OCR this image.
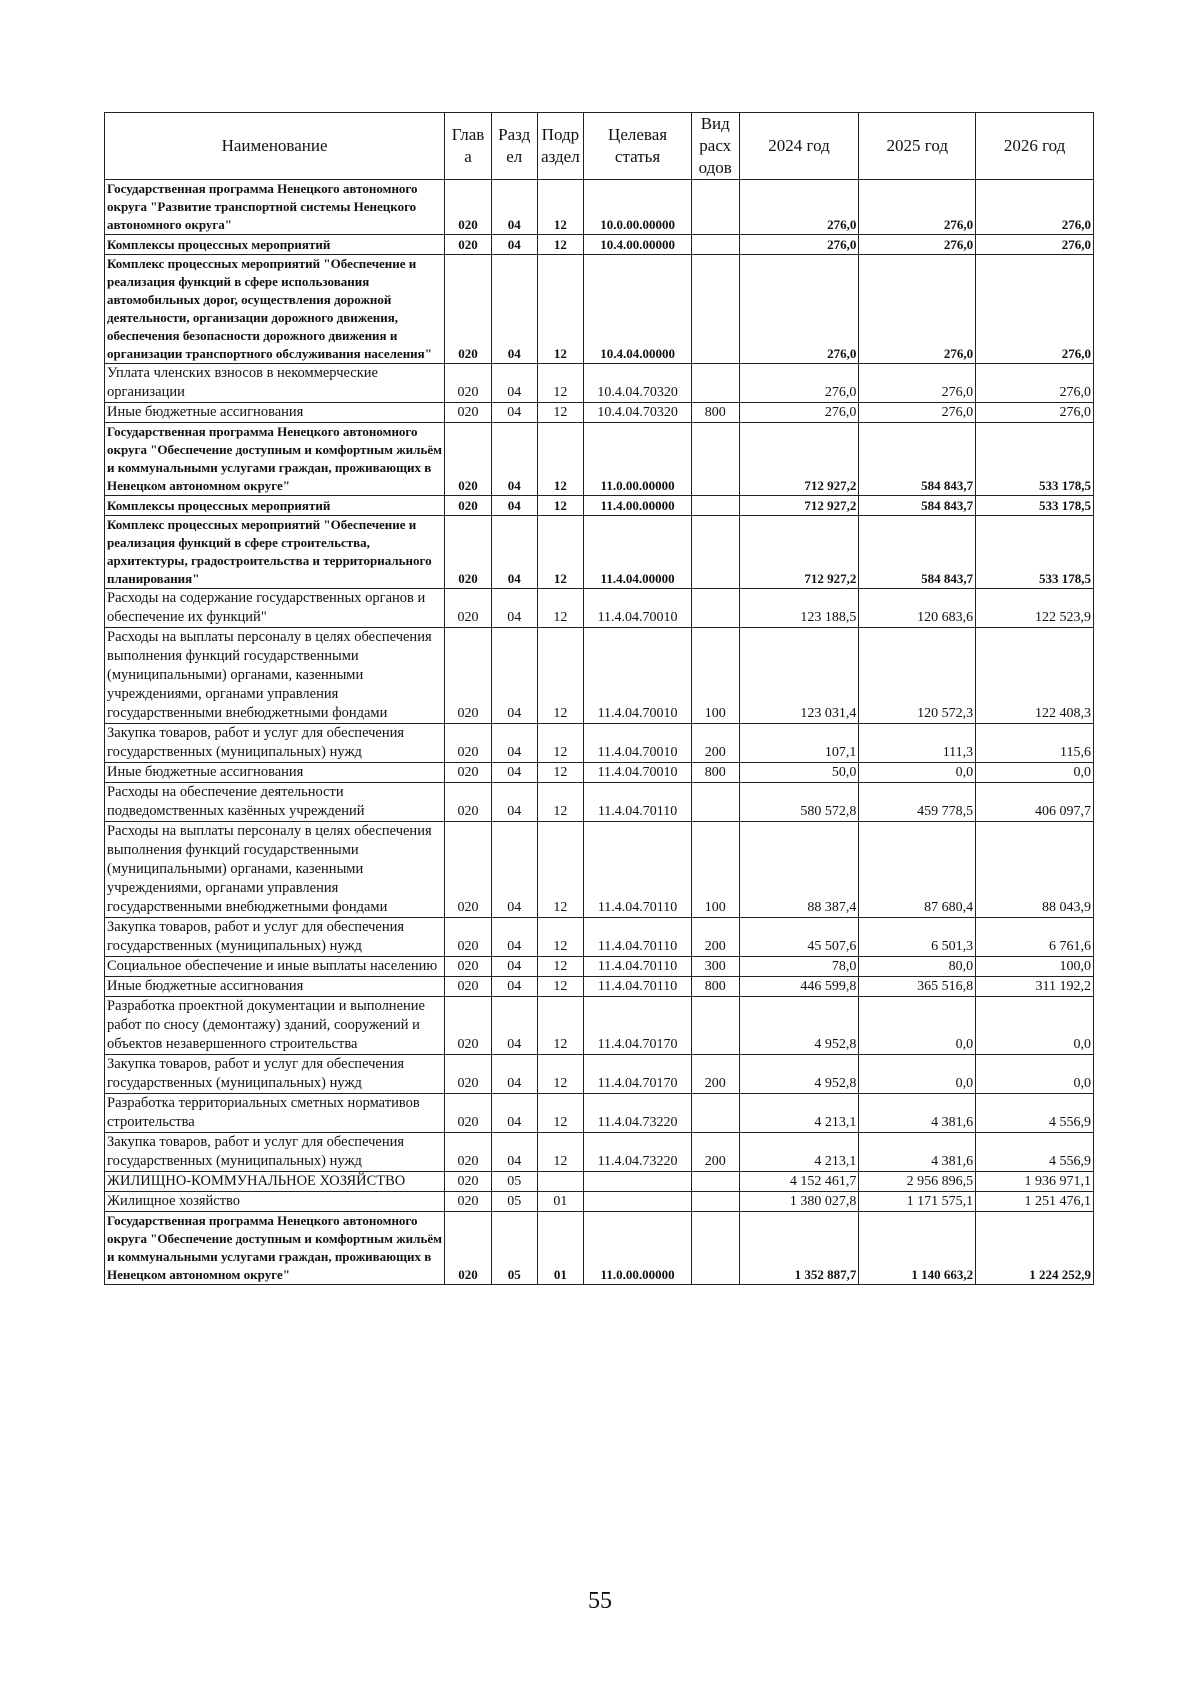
Наименование	Глав а	Разд ел	Подр аздел	Целевая статья	Вид расх одов	2024 год	2025 год	2026 год
Государственная программа Ненецкого автономного округа "Развитие транспортной системы Ненецкого автономного округа"	020	04	12	10.0.00.00000		276,0	276,0	276,0
Комплексы процессных мероприятий	020	04	12	10.4.00.00000		276,0	276,0	276,0
Комплекс процессных мероприятий "Обеспечение и реализация функций в сфере использования автомобильных дорог, осуществления дорожной деятельности, организации дорожного движения, обеспечения безопасности дорожного движения и организации транспортного обслуживания населения"	020	04	12	10.4.04.00000		276,0	276,0	276,0
Уплата членских взносов в некоммерческие организации	020	04	12	10.4.04.70320		276,0	276,0	276,0
Иные бюджетные ассигнования	020	04	12	10.4.04.70320	800	276,0	276,0	276,0
Государственная программа Ненецкого автономного округа "Обеспечение доступным и комфортным жильём и коммунальными услугами граждан, проживающих в Ненецком автономном округе"	020	04	12	11.0.00.00000		712 927,2	584 843,7	533 178,5
Комплексы процессных мероприятий	020	04	12	11.4.00.00000		712 927,2	584 843,7	533 178,5
Комплекс процессных мероприятий "Обеспечение и реализация функций в сфере строительства, архитектуры, градостроительства и территориального планирования"	020	04	12	11.4.04.00000		712 927,2	584 843,7	533 178,5
Расходы на содержание государственных органов и обеспечение их функций"	020	04	12	11.4.04.70010		123 188,5	120 683,6	122 523,9
Расходы на выплаты персоналу в целях обеспечения выполнения функций государственными (муниципальными) органами, казенными учреждениями, органами управления государственными внебюджетными фондами	020	04	12	11.4.04.70010	100	123 031,4	120 572,3	122 408,3
Закупка товаров, работ и услуг для обеспечения государственных (муниципальных) нужд	020	04	12	11.4.04.70010	200	107,1	111,3	115,6
Иные бюджетные ассигнования	020	04	12	11.4.04.70010	800	50,0	0,0	0,0
Расходы на обеспечение деятельности подведомственных казённых учреждений	020	04	12	11.4.04.70110		580 572,8	459 778,5	406 097,7
Расходы на выплаты персоналу в целях обеспечения выполнения функций государственными (муниципальными) органами, казенными учреждениями, органами управления государственными внебюджетными фондами	020	04	12	11.4.04.70110	100	88 387,4	87 680,4	88 043,9
Закупка товаров, работ и услуг для обеспечения государственных (муниципальных) нужд	020	04	12	11.4.04.70110	200	45 507,6	6 501,3	6 761,6
Социальное обеспечение и иные выплаты населению	020	04	12	11.4.04.70110	300	78,0	80,0	100,0
Иные бюджетные ассигнования	020	04	12	11.4.04.70110	800	446 599,8	365 516,8	311 192,2
Разработка проектной документации и выполнение работ по сносу (демонтажу) зданий, сооружений и объектов незавершенного строительства	020	04	12	11.4.04.70170		4 952,8	0,0	0,0
Закупка товаров, работ и услуг для обеспечения государственных (муниципальных) нужд	020	04	12	11.4.04.70170	200	4 952,8	0,0	0,0
Разработка территориальных сметных нормативов строительства	020	04	12	11.4.04.73220		4 213,1	4 381,6	4 556,9
Закупка товаров, работ и услуг для обеспечения государственных (муниципальных) нужд	020	04	12	11.4.04.73220	200	4 213,1	4 381,6	4 556,9
ЖИЛИЩНО-КОММУНАЛЬНОЕ ХОЗЯЙСТВО	020	05				4 152 461,7	2 956 896,5	1 936 971,1
Жилищное хозяйство	020	05	01			1 380 027,8	1 171 575,1	1 251 476,1
Государственная программа Ненецкого автономного округа "Обеспечение доступным и комфортным жильём и коммунальными услугами граждан, проживающих в Ненецком автономном округе"	020	05	01	11.0.00.00000		1 352 887,7	1 140 663,2	1 224 252,9
55
